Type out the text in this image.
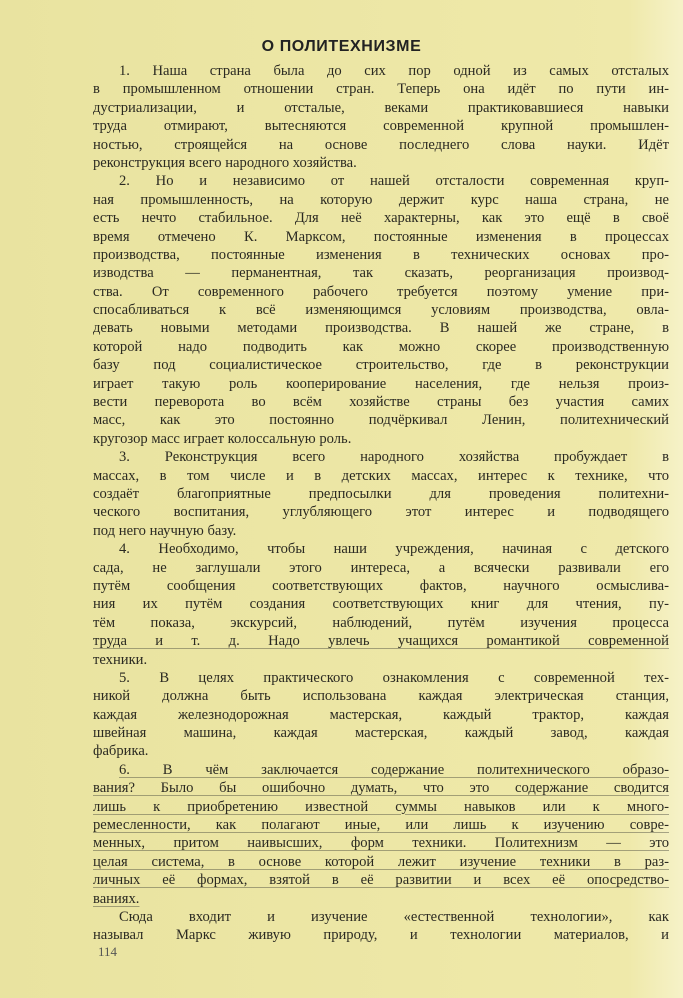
О ПОЛИТЕХНИЗМЕ
1. Наша страна была до сих пор одной из самых отсталых
в промышленном отношении стран. Теперь она идёт по пути ин-
дустриализации, и отсталые, веками практиковавшиеся навыки
труда отмирают, вытесняются современной крупной промышлен-
ностью, строящейся на основе последнего слова науки. Идёт
реконструкция всего народного хозяйства.
2. Но и независимо от нашей отсталости современная круп-
ная промышленность, на которую держит курс наша страна, не
есть нечто стабильное. Для неё характерны, как это ещё в своё
время отмечено К. Марксом, постоянные изменения в процессах
производства, постоянные изменения в технических основах про-
изводства — перманентная, так сказать, реорганизация производ-
ства. От современного рабочего требуется поэтому умение при-
спосабливаться к всё изменяющимся условиям производства, овла-
девать новыми методами производства. В нашей же стране, в
которой надо подводить как можно скорее производственную
базу под социалистическое строительство, где в реконструкции
играет такую роль кооперирование населения, где нельзя произ-
вести переворота во всём хозяйстве страны без участия самих
масс, как это постоянно подчёркивал Ленин, политехнический
кругозор масс играет колоссальную роль.
3. Реконструкция всего народного хозяйства пробуждает в
массах, в том числе и в детских массах, интерес к технике, что
создаёт благоприятные предпосылки для проведения политехни-
ческого воспитания, углубляющего этот интерес и подводящего
под него научную базу.
4. Необходимо, чтобы наши учреждения, начиная с детского
сада, не заглушали этого интереса, а всячески развивали его
путём сообщения соответствующих фактов, научного осмыслива-
ния их путём создания соответствующих книг для чтения, пу-
тём показа, экскурсий, наблюдений, путём изучения процесса
труда и т. д. Надо увлечь учащихся романтикой современной
техники.
5. В целях практического ознакомления с современной тех-
никой должна быть использована каждая электрическая станция,
каждая железнодорожная мастерская, каждый трактор, каждая
швейная машина, каждая мастерская, каждый завод, каждая
фабрика.
6. В чём заключается содержание политехнического образо-
вания? Было бы ошибочно думать, что это содержание сводится
лишь к приобретению известной суммы навыков или к много-
ремесленности, как полагают иные, или лишь к изучению совре-
менных, притом наивысших, форм техники. Политехнизм — это
целая система, в основе которой лежит изучение техники в раз-
личных её формах, взятой в её развитии и всех её опосредство-
ваниях.
Сюда входит и изучение «естественной технологии», как
называл Маркс живую природу, и технологии материалов, и
114
